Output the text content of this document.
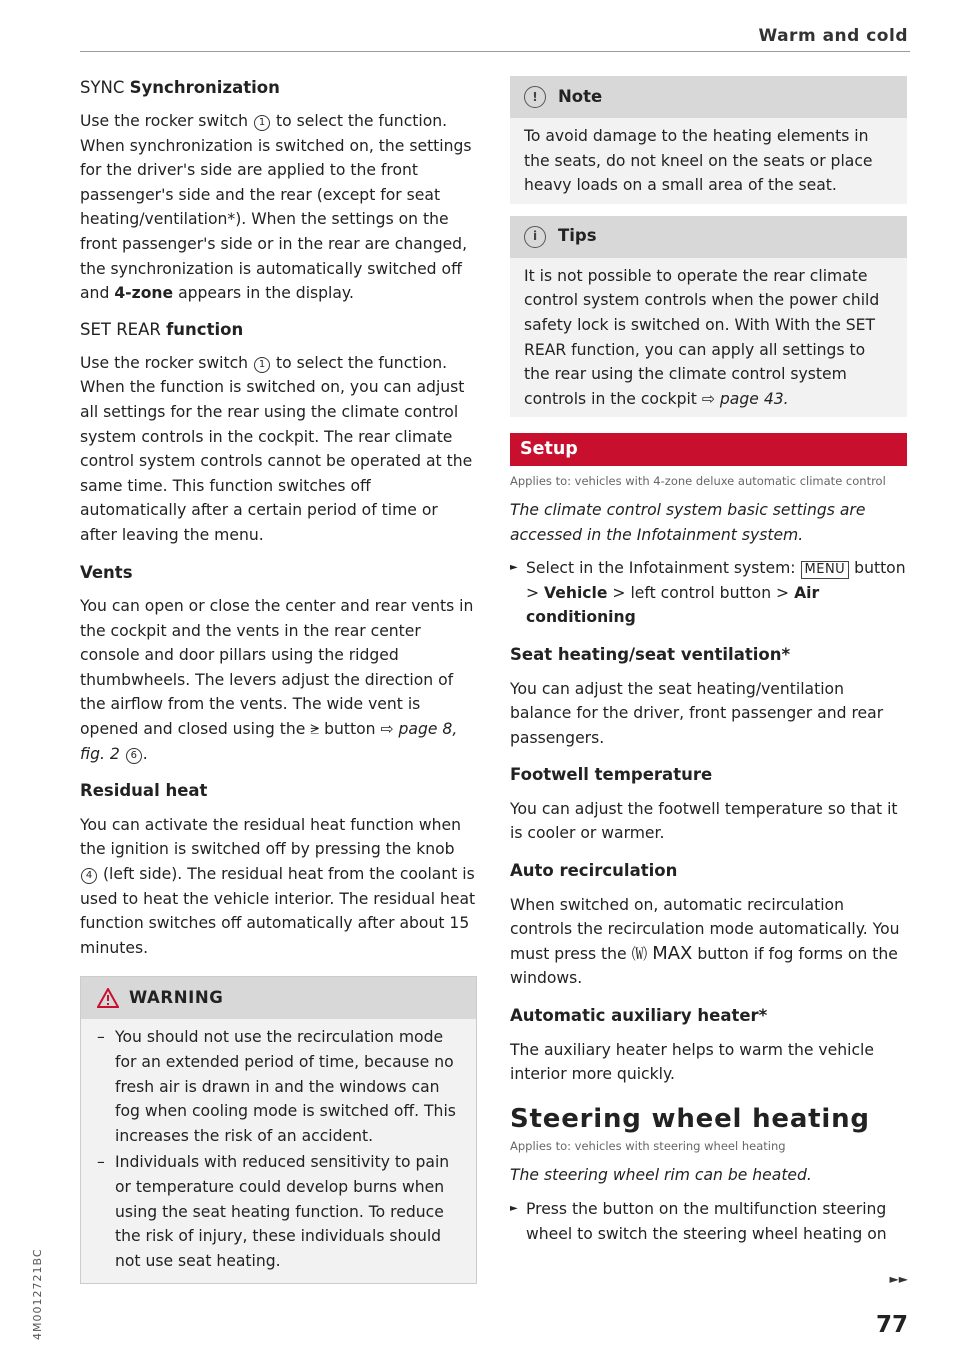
Warm and cold
4M0012721BC
SYNC Synchronization

Use the rocker switch 1 to select the function. When synchronization is switched on, the settings for the driver's side are applied to the front passenger's side and the rear (except for seat heating/ventilation*). When the settings on the front passenger's side or in the rear are changed, the synchronization is automatically switched off and 4-zone appears in the display.

SET REAR function

Use the rocker switch 1 to select the function. When the function is switched on, you can adjust all settings for the rear using the climate control system controls in the cockpit. The rear climate control system controls cannot be operated at the same time. This function switches off automatically after a certain period of time or after leaving the menu.

Vents

You can open or close the center and rear vents in the cockpit and the vents in the rear center console and door pillars using the ridged thumbwheels. The levers adjust the direction of the airflow from the vents. The wide vent is opened and closed using the ⪭ button ⇨ page 8, fig. 2 6 .

Residual heat

You can activate the residual heat function when the ignition is switched off by pressing the knob 4 (left side). The residual heat from the coolant is used to heat the vehicle interior. The residual heat function switches off automatically after about 15 minutes.

WARNING
– You should not use the recirculation mode for an extended period of time, because no fresh air is drawn in and the windows can fog when cooling mode is switched off. This increases the risk of an accident.
– Individuals with reduced sensitivity to pain or temperature could develop burns when using the seat heating function. To reduce the risk of injury, these individuals should not use seat heating.
!	Note
To avoid damage to the heating elements in the seats, do not kneel on the seats or place heavy loads on a small area of the seat.
i	Tips
It is not possible to operate the rear climate control system controls when the power child safety lock is switched on. With With the SET REAR function, you can apply all settings to the rear using the climate control system controls in the cockpit ⇨ page 43.
Setup
Applies to: vehicles with 4-zone deluxe automatic climate control

The climate control system basic settings are accessed in the Infotainment system.

► Select in the Infotainment system: MENU button > Vehicle > left control button > Air conditioning
Seat heating/seat ventilation*

You can adjust the seat heating/ventilation balance for the driver, front passenger and rear passengers.

Footwell temperature

You can adjust the footwell temperature so that it is cooler or warmer.

Auto recirculation

When switched on, automatic recirculation controls the recirculation mode automatically. You must press the 🄦 MAX button if fog forms on the windows.

Automatic auxiliary heater*

The auxiliary heater helps to warm the vehicle interior more quickly.

Steering wheel heating
Applies to: vehicles with steering wheel heating

The steering wheel rim can be heated.

► Press the button on the multifunction steering wheel to switch the steering wheel heating on
►►
77
